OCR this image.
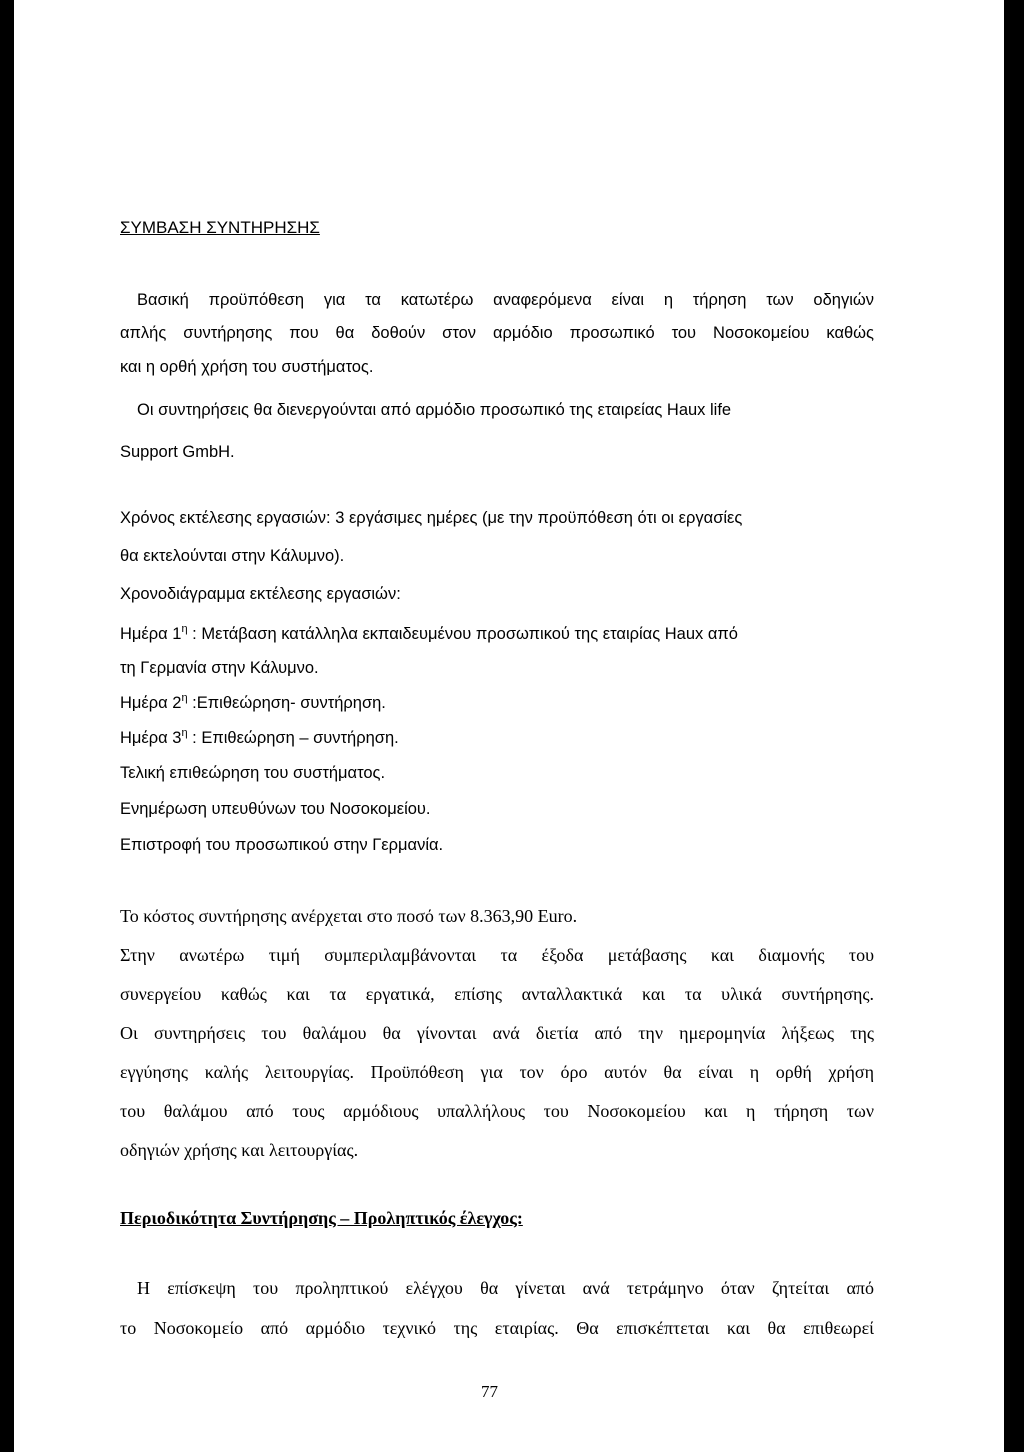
ΣΥΜΒΑΣΗ ΣΥΝΤΗΡΗΣΗΣ
Βασική προϋπόθεση για τα κατωτέρω αναφερόμενα είναι η τήρηση των οδηγιών
απλής συντήρησης που θα δοθούν στον αρμόδιο προσωπικό του Νοσοκομείου καθώς
και η ορθή χρήση του συστήματος.
Οι συντηρήσεις θα διενεργούνται από αρμόδιο προσωπικό της εταιρείας Haux life
Support GmbH.
Χρόνος εκτέλεσης εργασιών: 3 εργάσιμες ημέρες (με την προϋπόθεση ότι οι εργασίες
θα εκτελούνται στην Κάλυμνο).
Χρονοδιάγραμμα εκτέλεσης εργασιών:
Ημέρα $1^\eta$ : Μετάβαση κατάλληλα εκπαιδευμένου προσωπικού της εταιρίας Haux από
τη Γερμανία στην Κάλυμνο.
Ημέρα $2^\eta$ :Επιθεώρηση- συντήρηση.
Ημέρα $3^\eta$ : Επιθεώρηση – συντήρηση.
Τελική επιθεώρηση του συστήματος.
Ενημέρωση υπευθύνων του Νοσοκομείου.
Επιστροφή του προσωπικού στην Γερμανία.
Το κόστος συντήρησης ανέρχεται στο ποσό των 8.363,90 Euro.
Στην ανωτέρω τιμή συμπεριλαμβάνονται τα έξοδα μετάβασης και διαμονής του
συνεργείου καθώς και τα εργατικά, επίσης ανταλλακτικά και τα υλικά συντήρησης.
Οι συντηρήσεις του θαλάμου θα γίνονται ανά διετία από την ημερομηνία λήξεως της
εγγύησης καλής λειτουργίας. Προϋπόθεση για τον όρο αυτόν θα είναι η ορθή χρήση
του θαλάμου από τους αρμόδιους υπαλλήλους του Νοσοκομείου και η τήρηση των
οδηγιών χρήσης και λειτουργίας.
Περιοδικότητα Συντήρησης – Προληπτικός έλεγχος:
Η επίσκεψη του προληπτικού ελέγχου θα γίνεται ανά τετράμηνο όταν ζητείται από
το Νοσοκομείο από αρμόδιο τεχνικό της εταιρίας. Θα επισκέπτεται και θα επιθεωρεί
77
